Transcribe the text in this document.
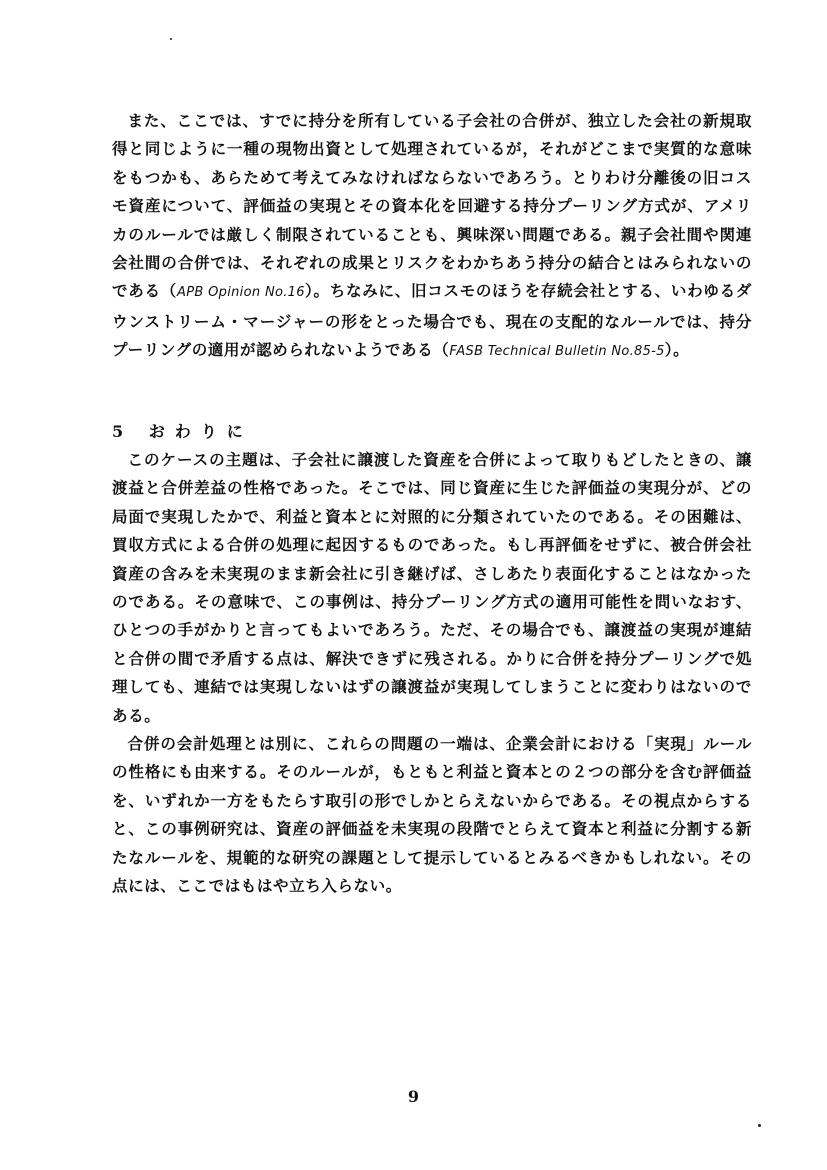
また、ここでは、すでに持分を所有している子会社の合併が、独立した会社の新規取得と同じように一種の現物出資として処理されているが，それがどこまで実質的な意味をもつかも、あらためて考えてみなければならないであろう。とりわけ分離後の旧コスモ資産について、評価益の実現とその資本化を回避する持分プーリング方式が、アメリカのルールでは厳しく制限されていることも、興味深い問題である。親子会社間や関連会社間の合併では、それぞれの成果とリスクをわかちあう持分の結合とはみられないのである（APB Opinion No.16）。ちなみに、旧コスモのほうを存続会社とする、いわゆるダウンストリーム・マージャーの形をとった場合でも、現在の支配的なルールでは、持分プーリングの適用が認められないようである（FASB Technical Bulletin No.85-5）。

5 おわりに

このケースの主題は、子会社に譲渡した資産を合併によって取りもどしたときの、譲渡益と合併差益の性格であった。そこでは、同じ資産に生じた評価益の実現分が、どの局面で実現したかで、利益と資本とに対照的に分類されていたのである。その困難は、買収方式による合併の処理に起因するものであった。もし再評価をせずに、被合併会社資産の含みを未実現のまま新会社に引き継げば、さしあたり表面化することはなかったのである。その意味で、この事例は、持分プーリング方式の適用可能性を問いなおす、ひとつの手がかりと言ってもよいであろう。ただ、その場合でも、譲渡益の実現が連結と合併の間で矛盾する点は、解決できずに残される。かりに合併を持分プーリングで処理しても、連結では実現しないはずの譲渡益が実現してしまうことに変わりはないのである。

合併の会計処理とは別に、これらの問題の一端は、企業会計における「実現」ルールの性格にも由来する。そのルールが，もともと利益と資本との２つの部分を含む評価益を、いずれか一方をもたらす取引の形でしかとらえないからである。その視点からすると、この事例研究は、資産の評価益を未実現の段階でとらえて資本と利益に分割する新たなルールを、規範的な研究の課題として提示しているとみるべきかもしれない。その点には、ここではもはや立ち入らない。

9
